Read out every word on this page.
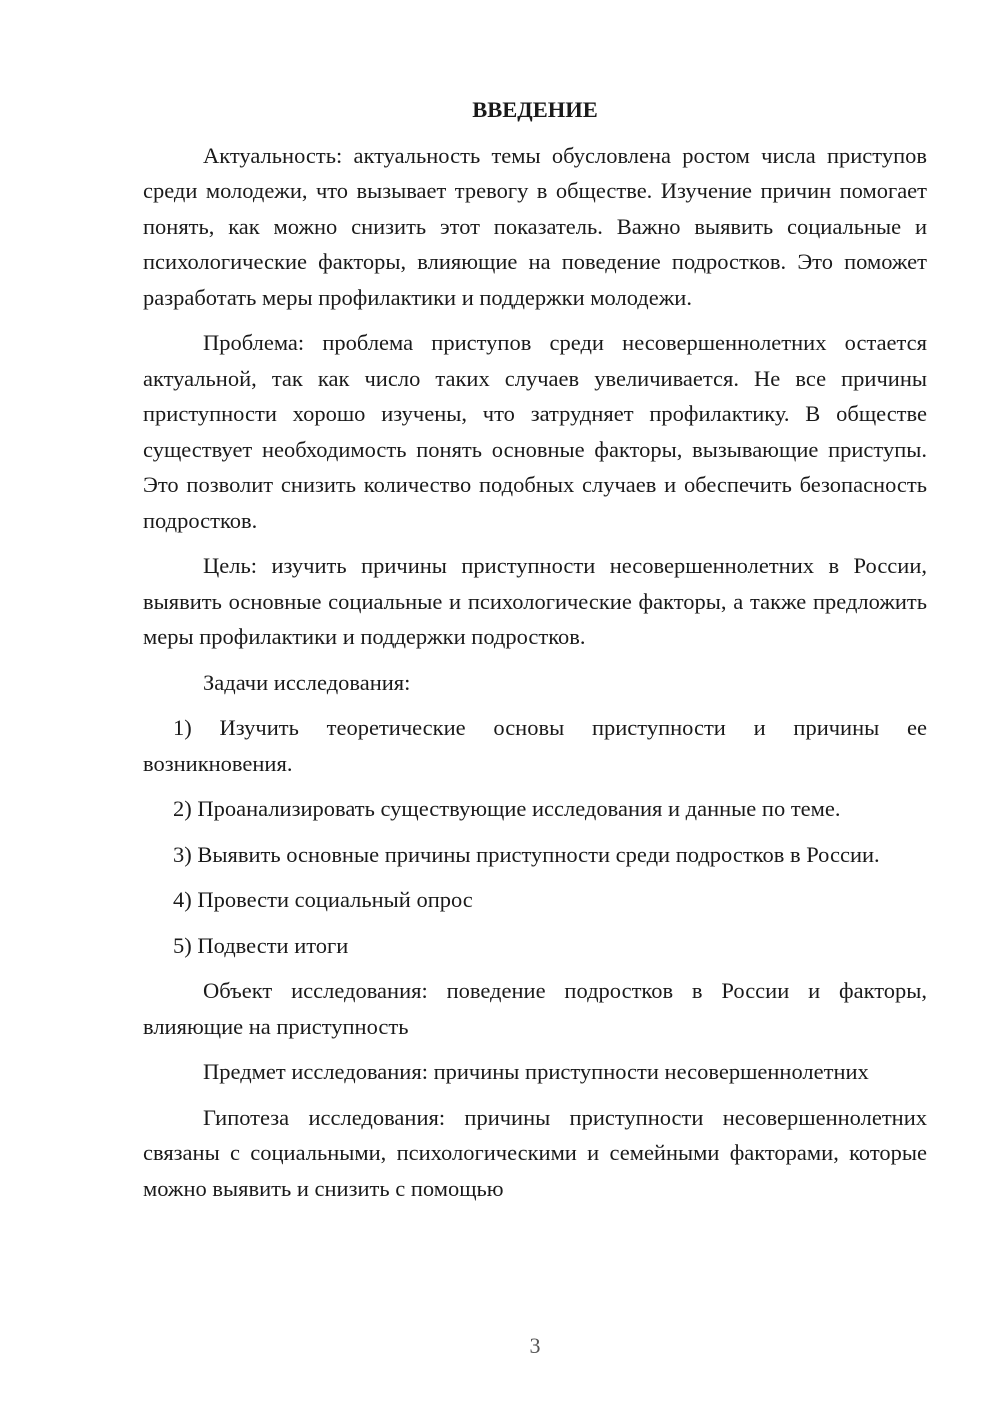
ВВЕДЕНИЕ

Актуальность: актуальность темы обусловлена ростом числа приступов среди молодежи, что вызывает тревогу в обществе. Изучение причин помогает понять, как можно снизить этот показатель. Важно выявить социальные и психологические факторы, влияющие на поведение подростков. Это поможет разработать меры профилактики и поддержки молодежи.

Проблема: проблема приступов среди несовершеннолетних остается актуальной, так как число таких случаев увеличивается. Не все причины приступности хорошо изучены, что затрудняет профилактику. В обществе существует необходимость понять основные факторы, вызывающие приступы. Это позволит снизить количество подобных случаев и обеспечить безопасность подростков.

Цель: изучить причины приступности несовершеннолетних в России, выявить основные социальные и психологические факторы, а также предложить меры профилактики и поддержки подростков.

Задачи исследования:

1) Изучить теоретические основы приступности и причины ее возникновения.

2) Проанализировать существующие исследования и данные по теме.

3) Выявить основные причины приступности среди подростков в России.

4) Провести социальный опрос

5) Подвести итоги

Объект исследования: поведение подростков в России и факторы, влияющие на приступность

Предмет исследования: причины приступности несовершеннолетних

Гипотеза исследования: причины приступности несовершеннолетних связаны с социальными, психологическими и семейными факторами, которые можно выявить и снизить с помощью

3
